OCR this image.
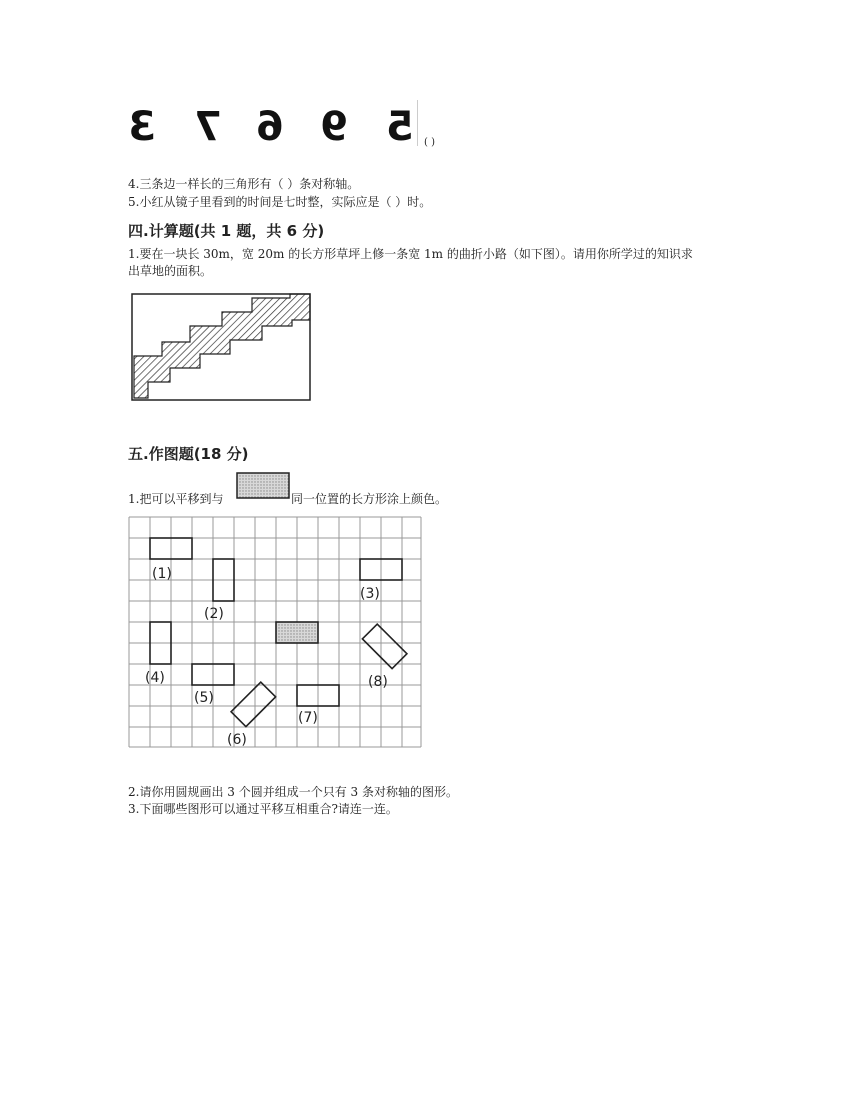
3 7 6 9 5 ( )
4.三条边一样长的三角形有（ ）条对称轴。
5.小红从镜子里看到的时间是七时整，实际应是（ ）时。
四.计算题(共 1 题，共 6 分)
1.要在一块长 30m，宽 20m 的长方形草坪上修一条宽 1m 的曲折小路（如下图）。请用你所学过的知识求
出草地的面积。
五.作图题(18 分)
1.把可以平移到与	同一位置的长方形涂上颜色。
(1)
(2)
(3)
(4)
(5)
(6)
(7)
(8)
2.请你用圆规画出 3 个圆并组成一个只有 3 条对称轴的图形。
3.下面哪些图形可以通过平移互相重合?请连一连。
